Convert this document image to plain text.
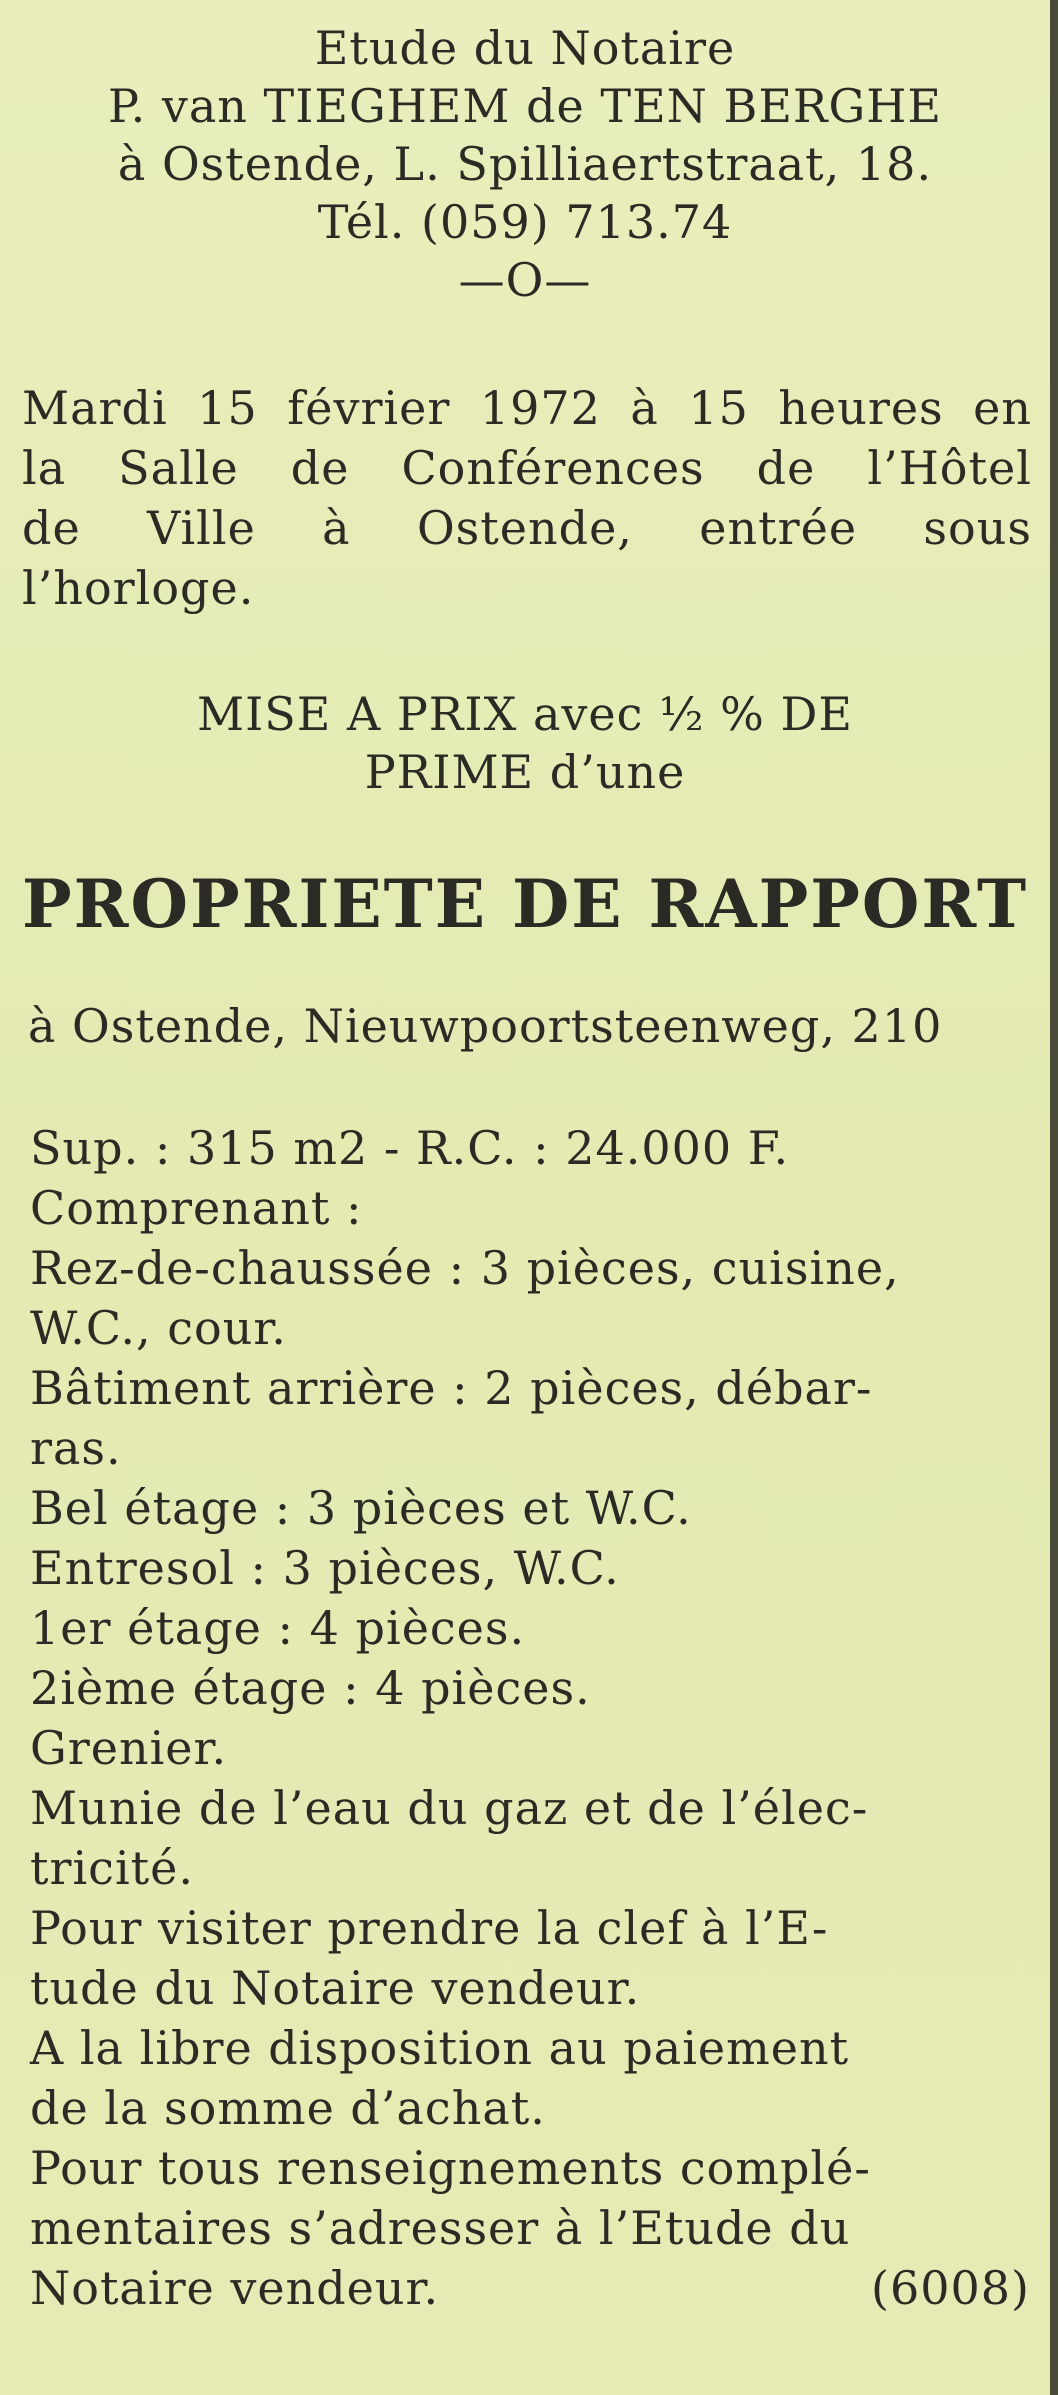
Etude du Notaire
P. van TIEGHEM de TEN BERGHE
à Ostende, L. Spilliaertstraat, 18.
Tél. (059) 713.74
—O—
Mardi 15 février 1972 à 15 heures en
la Salle de Conférences de l’Hôtel
de Ville à Ostende, entrée sous
l’horloge.
MISE A PRIX avec ½ % DE
PRIME d’une
PROPRIETE DE RAPPORT
à Ostende, Nieuwpoortsteenweg, 210
Sup. : 315 m2 - R.C. : 24.000 F.
Comprenant :
Rez-de-chaussée : 3 pièces, cuisine,
W.C., cour.
Bâtiment arrière : 2 pièces, débar-
ras.
Bel étage : 3 pièces et W.C.
Entresol : 3 pièces, W.C.
1er étage : 4 pièces.
2ième étage : 4 pièces.
Grenier.
Munie de l’eau du gaz et de l’élec-
tricité.
Pour visiter prendre la clef à l’E-
tude du Notaire vendeur.
A la libre disposition au paiement
de la somme d’achat.
Pour tous renseignements complé-
mentaires s’adresser à l’Etude du
Notaire vendeur.	(6008)
